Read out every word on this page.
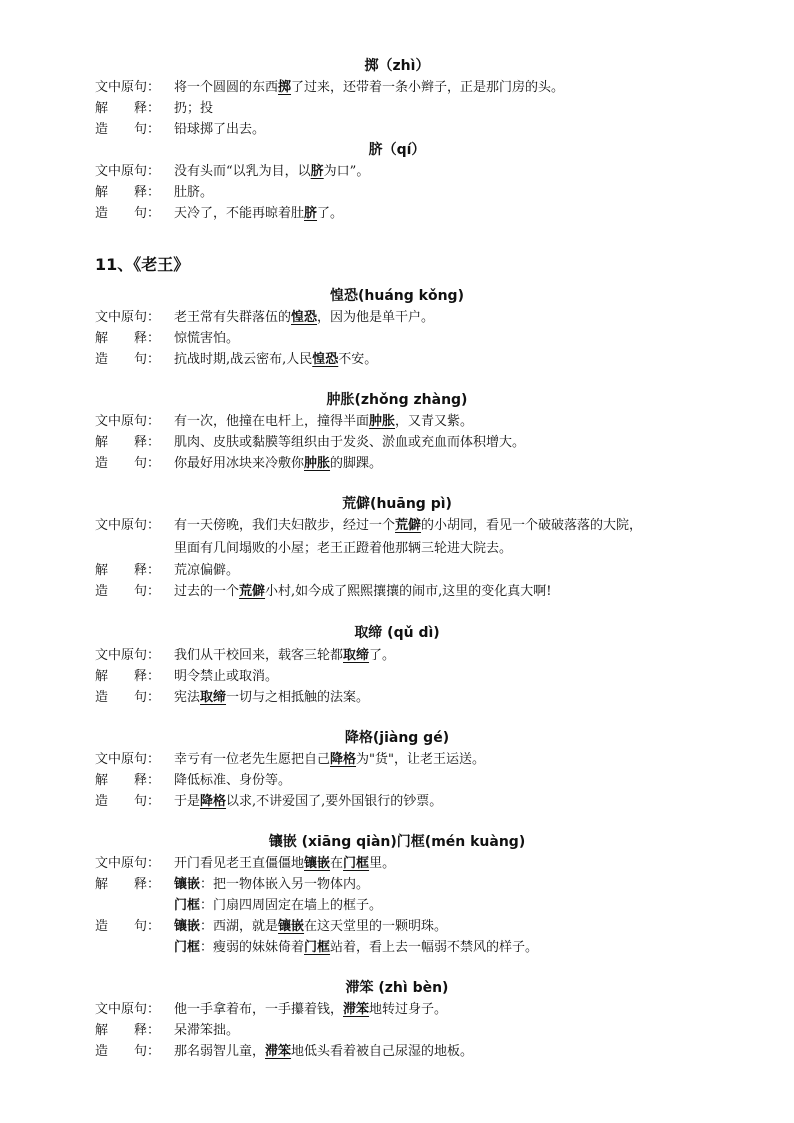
掷（zhì）
文中原句： 将一个圆圆的东西掷了过来，还带着一条小辫子，正是那门房的头。
解　　释： 扔；投
造　　句： 铅球掷了出去。
脐（qí）
文中原句： 没有头而“以乳为目，以脐为口”。
解　　释： 肚脐。
造　　句： 天冷了，不能再晾着肚脐了。
11、《老王》
惶恐(huáng kǒng)
文中原句： 老王常有失群落伍的惶恐，因为他是单干户。
解　　释： 惊慌害怕。
造　　句： 抗战时期,战云密布,人民惶恐不安。
肿胀(zhǒng zhàng)
文中原句： 有一次，他撞在电杆上，撞得半面肿胀，又青又紫。
解　　释： 肌肉、皮肤或黏膜等组织由于发炎、淤血或充血而体积增大。
造　　句： 你最好用冰块来冷敷你肿胀的脚踝。
荒僻(huāng pì)
文中原句： 有一天傍晚，我们夫妇散步，经过一个荒僻的小胡同，看见一个破破落落的大院，
里面有几间塌败的小屋；老王正蹬着他那辆三轮进大院去。
解　　释： 荒凉偏僻。
造　　句： 过去的一个荒僻小村,如今成了熙熙攘攘的闹市,这里的变化真大啊!
取缔 (qǔ dì)
文中原句： 我们从干校回来，载客三轮都取缔了。
解　　释： 明令禁止或取消。
造　　句： 宪法取缔一切与之相抵触的法案。
降格(jiàng gé)
文中原句： 幸亏有一位老先生愿把自己降格为"货"，让老王运送。
解　　释： 降低标准、身份等。
造　　句： 于是降格以求,不讲爱国了,要外国银行的钞票。
镶嵌 (xiāng qiàn)门框(mén kuàng)
文中原句： 开门看见老王直僵僵地镶嵌在门框里。
解　　释： 镶嵌：把一物体嵌入另一物体内。
门框：门扇四周固定在墙上的框子。
造　　句： 镶嵌：西湖，就是镶嵌在这天堂里的一颗明珠。
门框：瘦弱的妹妹倚着门框站着，看上去一幅弱不禁风的样子。
滞笨 (zhì bèn)
文中原句： 他一手拿着布，一手攥着钱，滞笨地转过身子。
解　　释： 呆滞笨拙。
造　　句： 那名弱智儿童，滞笨地低头看着被自己尿湿的地板。
